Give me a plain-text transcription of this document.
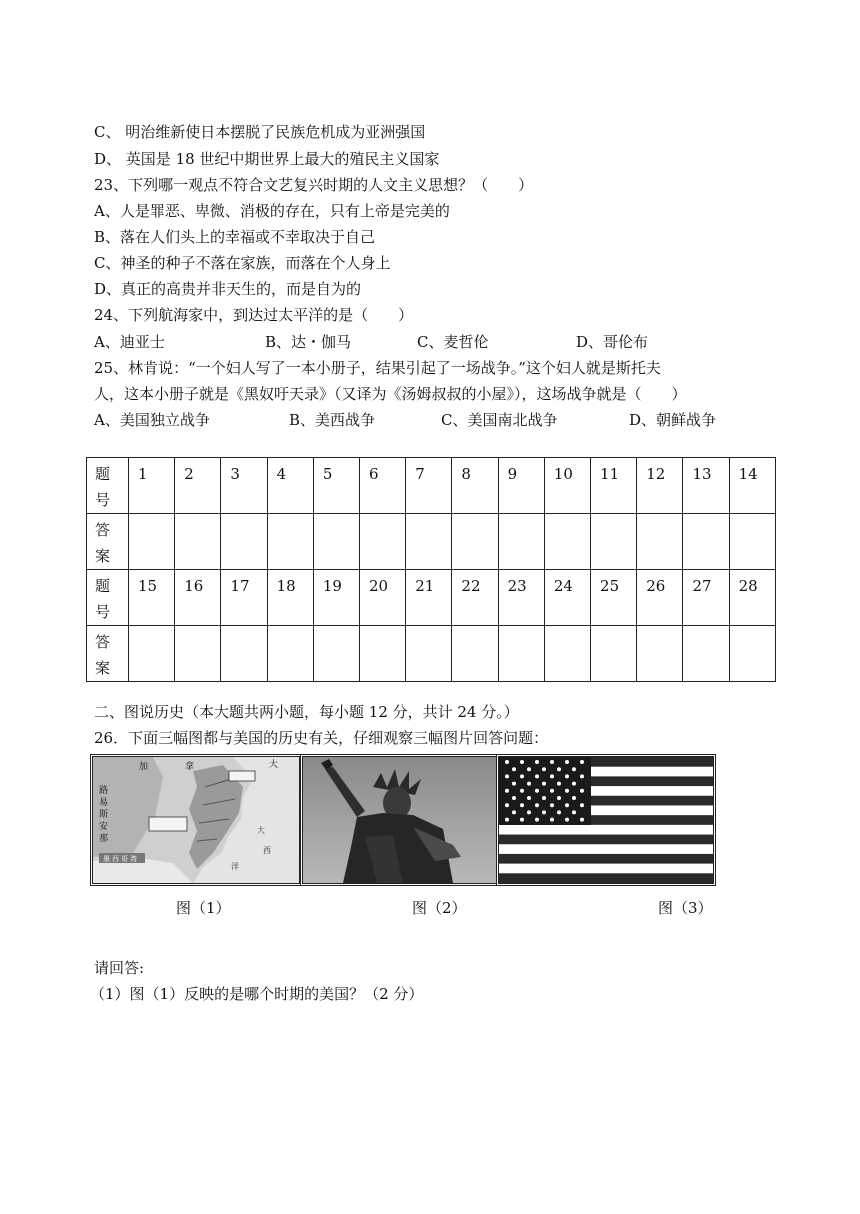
C、 明治维新使日本摆脱了民族危机成为亚洲强国
D、 英国是 18 世纪中期世界上最大的殖民主义国家
23、下列哪一观点不符合文艺复兴时期的人文主义思想？（　　）
A、人是罪恶、卑微、消极的存在，只有上帝是完美的
B、落在人们头上的幸福或不幸取决于自己
C、神圣的种子不落在家族，而落在个人身上
D、真正的高贵并非天生的，而是自为的
24、下列航海家中，到达过太平洋的是（　　）
A、迪亚士	B、达・伽马	C、麦哲伦	D、哥伦布
25、林肯说：“一个妇人写了一本小册子，结果引起了一场战争。”这个妇人就是斯托夫
人，这本小册子就是《黑奴吁天录》（又译为《汤姆叔叔的小屋》），这场战争就是（　　）
A、美国独立战争	B、美西战争	C、美国南北战争	D、朝鲜战争
题
号	1	2	3	4	5	6	7	8	9	10	11	12	13	14
答
案														
题
号	15	16	17	18	19	20	21	22	23	24	25	26	27	28
答
案														
二、图说历史（本大题共两小题，每小题 12 分，共计 24 分。）
26．下面三幅图都与美国的历史有关，仔细观察三幅图片回答问题：
加	拿	大
路
易
斯
安
那
大
西
洋
墨 西 哥 湾
图（1）	图（2）	图（3）
请回答:
（1）图（1）反映的是哪个时期的美国？（2 分）
